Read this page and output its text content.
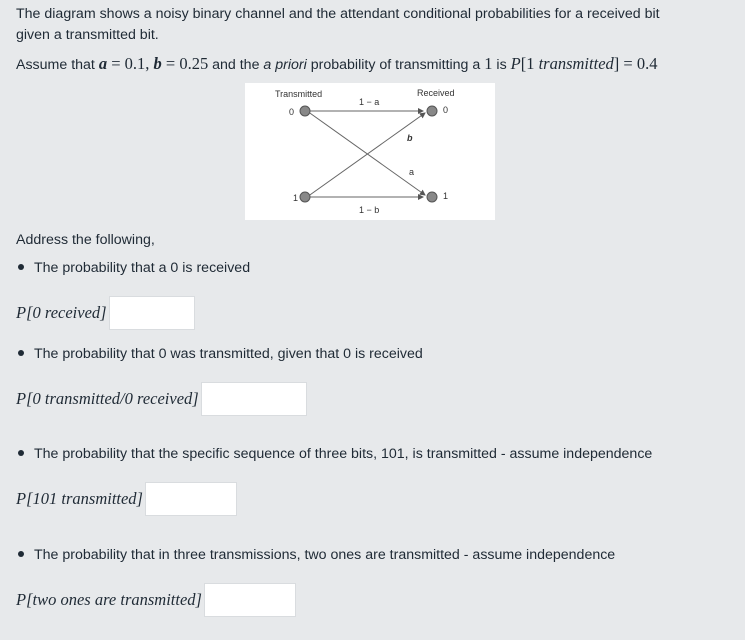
The diagram shows a noisy binary channel and the attendant conditional probabilities for a received bit
given a transmitted bit.
Assume that a = 0.1, b = 0.25 and the a priori probability of transmitting a 1 is P[1 transmitted] = 0.4
Transmitted	Received
0
1
0
1
1 − a
1 − b
b
a
Address the following,
The probability that a 0 is received
P[0 received]
The probability that 0 was transmitted, given that 0 is received
P[0 transmitted/0 received]
The probability that the specific sequence of three bits, 101, is transmitted - assume independence
P[101 transmitted]
The probability that in three transmissions, two ones are transmitted - assume independence
P[two ones are transmitted]
